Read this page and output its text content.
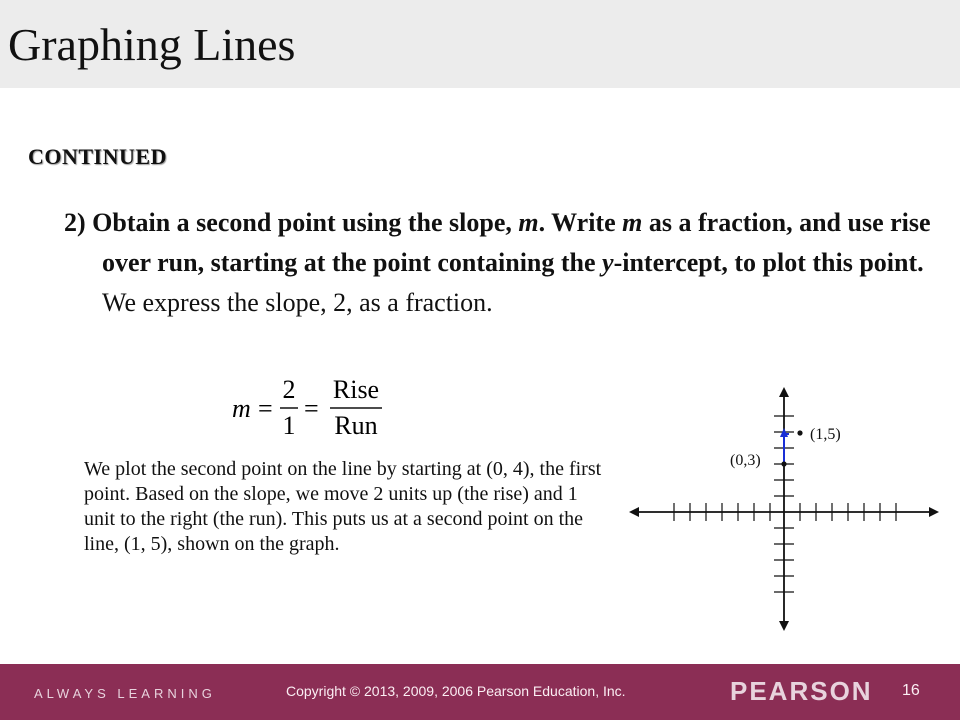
Graphing Lines
CONTINUED
2) Obtain a second point using the slope, m. Write m as a fraction, and use rise over run, starting at the point containing the y-intercept, to plot this point. We express the slope, 2, as a fraction.
m =
2
1
=
Rise
Run
We plot the second point on the line by starting at (0, 4), the first point. Based on the slope, we move 2 units up (the rise) and 1 unit to the right (the run). This puts us at a second point on the line, (1, 5), shown on the graph.
(0,3)
(1,5)
ALWAYS LEARNING	Copyright © 2013, 2009, 2006 Pearson Education, Inc.	PEARSON 16
